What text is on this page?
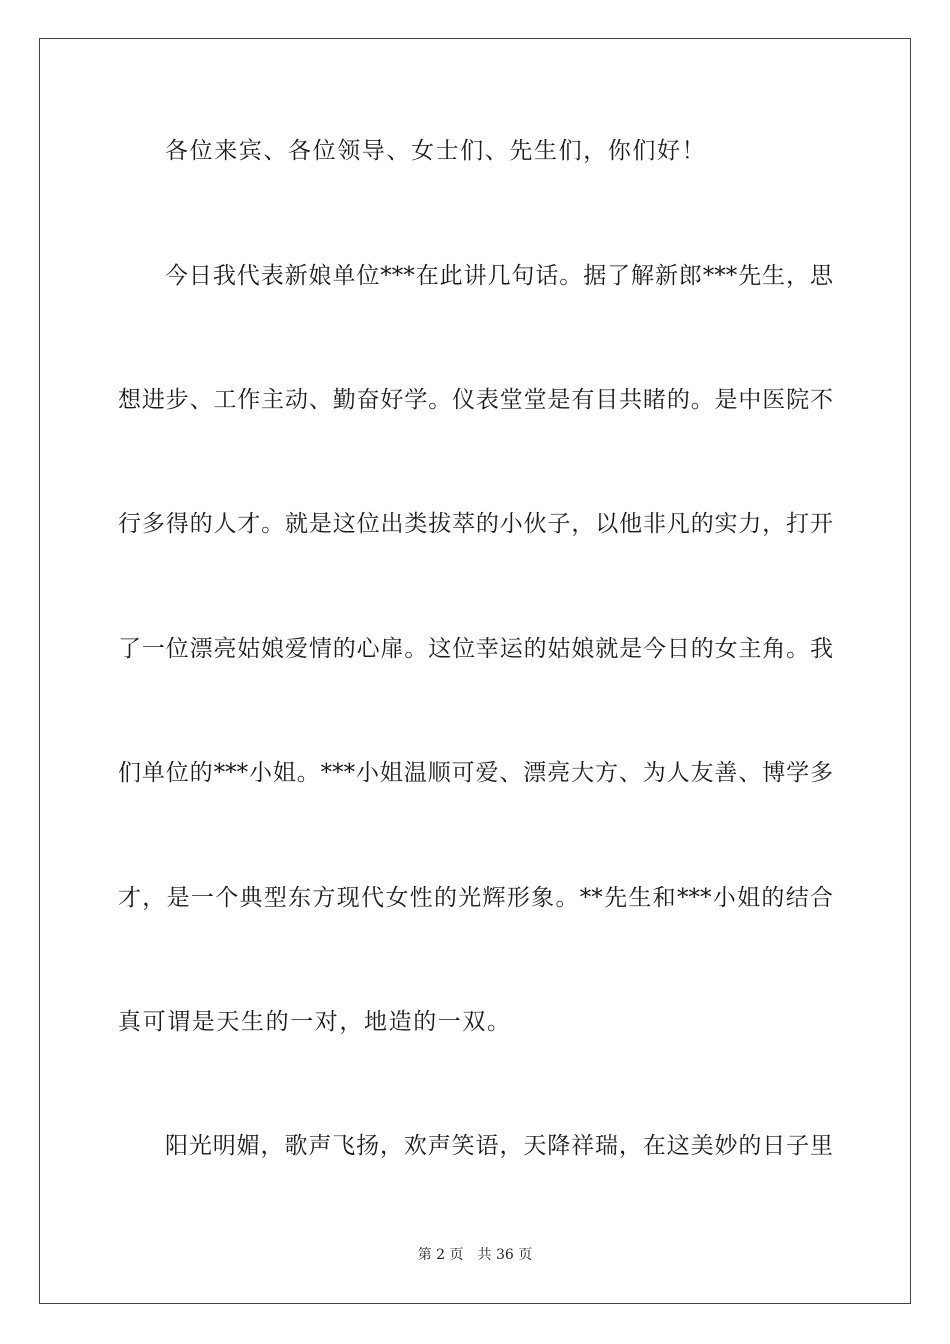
各位来宾、各位领导、女士们、先生们，你们好！
今日我代表新娘单位***在此讲几句话。据了解新郎***先生，思
想进步、工作主动、勤奋好学。仪表堂堂是有目共睹的。是中医院不
行多得的人才。就是这位出类拔萃的小伙子，以他非凡的实力，打开
了一位漂亮姑娘爱情的心扉。这位幸运的姑娘就是今日的女主角。我
们单位的***小姐。***小姐温顺可爱、漂亮大方、为人友善、博学多
才，是一个典型东方现代女性的光辉形象。**先生和***小姐的结合
真可谓是天生的一对，地造的一双。
阳光明媚，歌声飞扬，欢声笑语，天降祥瑞，在这美妙的日子里
第 2 页 共 36 页
